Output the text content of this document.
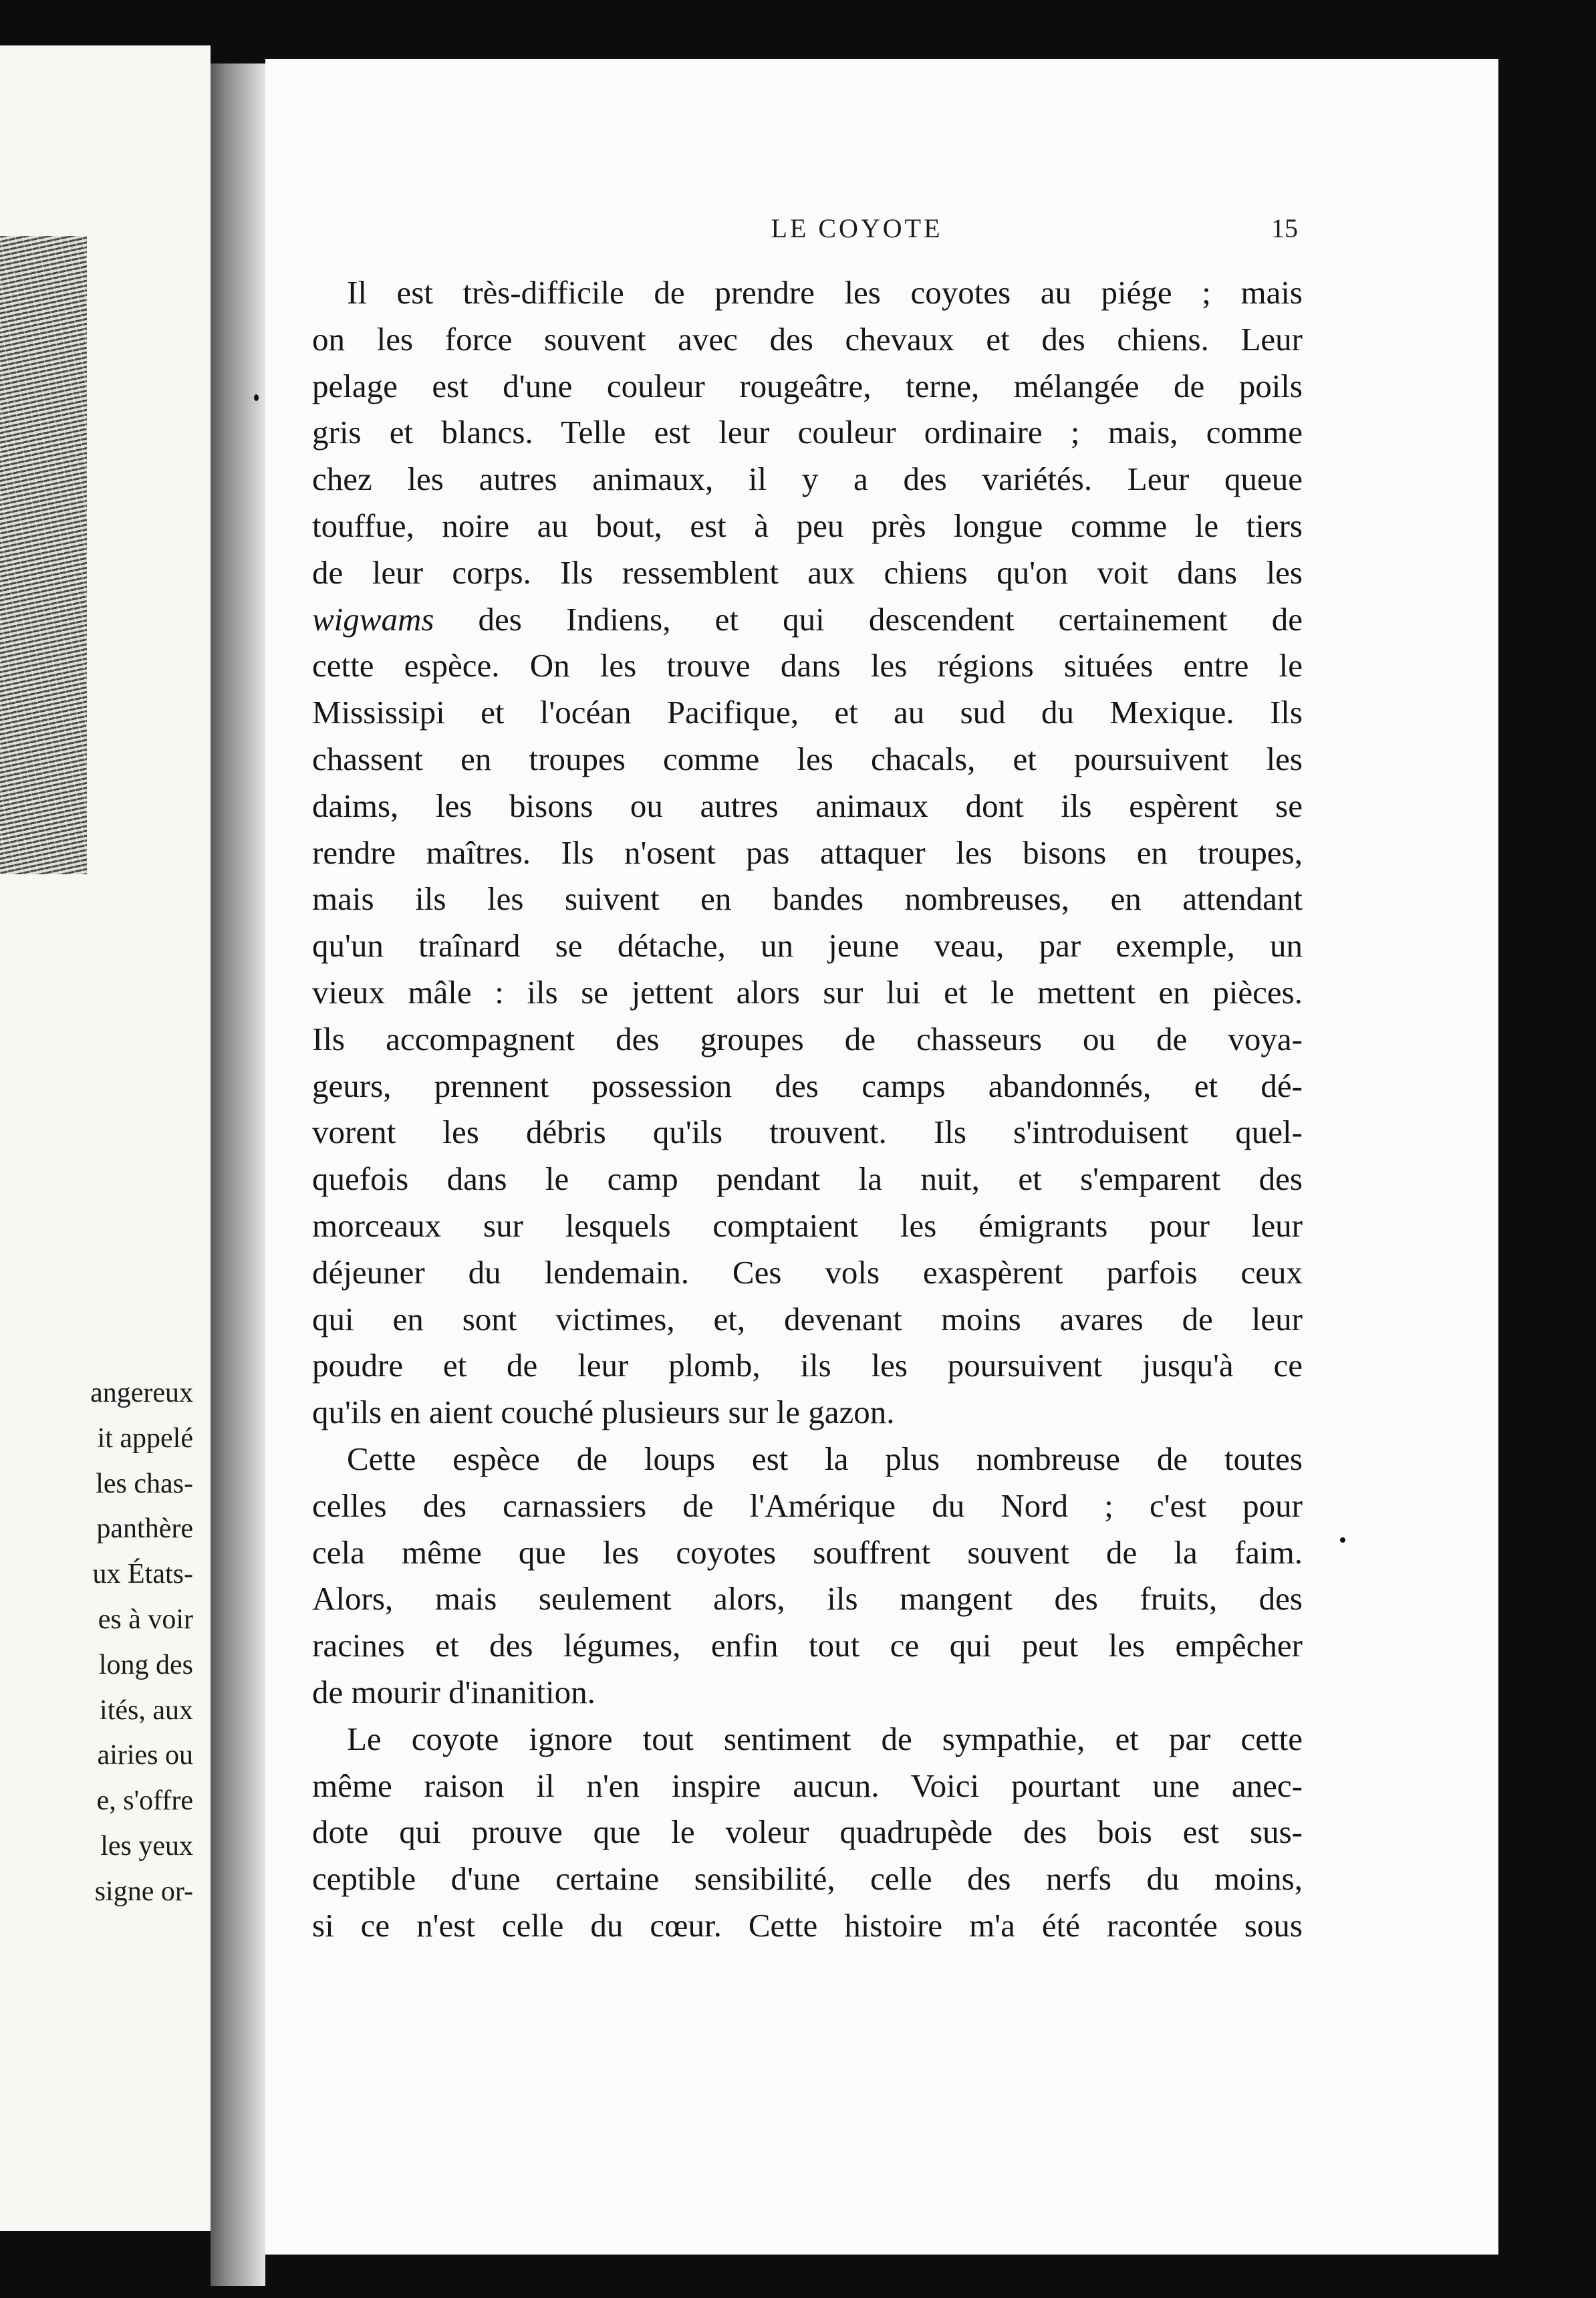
angereux
it appelé
les chas-
panthère
ux États-
es à voir
long des
ités, aux
airies ou
e, s'offre
les yeux
signe or-
LE COYOTE	15
Il est très-difficile de prendre les coyotes au piége ; mais
on les force souvent avec des chevaux et des chiens. Leur
pelage est d'une couleur rougeâtre, terne, mélangée de poils
gris et blancs. Telle est leur couleur ordinaire ; mais, comme
chez les autres animaux, il y a des variétés. Leur queue
touffue, noire au bout, est à peu près longue comme le tiers
de leur corps. Ils ressemblent aux chiens qu'on voit dans les
wigwams des Indiens, et qui descendent certainement de
cette espèce. On les trouve dans les régions situées entre le
Mississipi et l'océan Pacifique, et au sud du Mexique. Ils
chassent en troupes comme les chacals, et poursuivent les
daims, les bisons ou autres animaux dont ils espèrent se
rendre maîtres. Ils n'osent pas attaquer les bisons en troupes,
mais ils les suivent en bandes nombreuses, en attendant
qu'un traînard se détache, un jeune veau, par exemple, un
vieux mâle : ils se jettent alors sur lui et le mettent en pièces.
Ils accompagnent des groupes de chasseurs ou de voya-
geurs, prennent possession des camps abandonnés, et dé-
vorent les débris qu'ils trouvent. Ils s'introduisent quel-
quefois dans le camp pendant la nuit, et s'emparent des
morceaux sur lesquels comptaient les émigrants pour leur
déjeuner du lendemain. Ces vols exaspèrent parfois ceux
qui en sont victimes, et, devenant moins avares de leur
poudre et de leur plomb, ils les poursuivent jusqu'à ce
qu'ils en aient couché plusieurs sur le gazon.
Cette espèce de loups est la plus nombreuse de toutes
celles des carnassiers de l'Amérique du Nord ; c'est pour
cela même que les coyotes souffrent souvent de la faim.
Alors, mais seulement alors, ils mangent des fruits, des
racines et des légumes, enfin tout ce qui peut les empêcher
de mourir d'inanition.
Le coyote ignore tout sentiment de sympathie, et par cette
même raison il n'en inspire aucun. Voici pourtant une anec-
dote qui prouve que le voleur quadrupède des bois est sus-
ceptible d'une certaine sensibilité, celle des nerfs du moins,
si ce n'est celle du cœur. Cette histoire m'a été racontée sous
